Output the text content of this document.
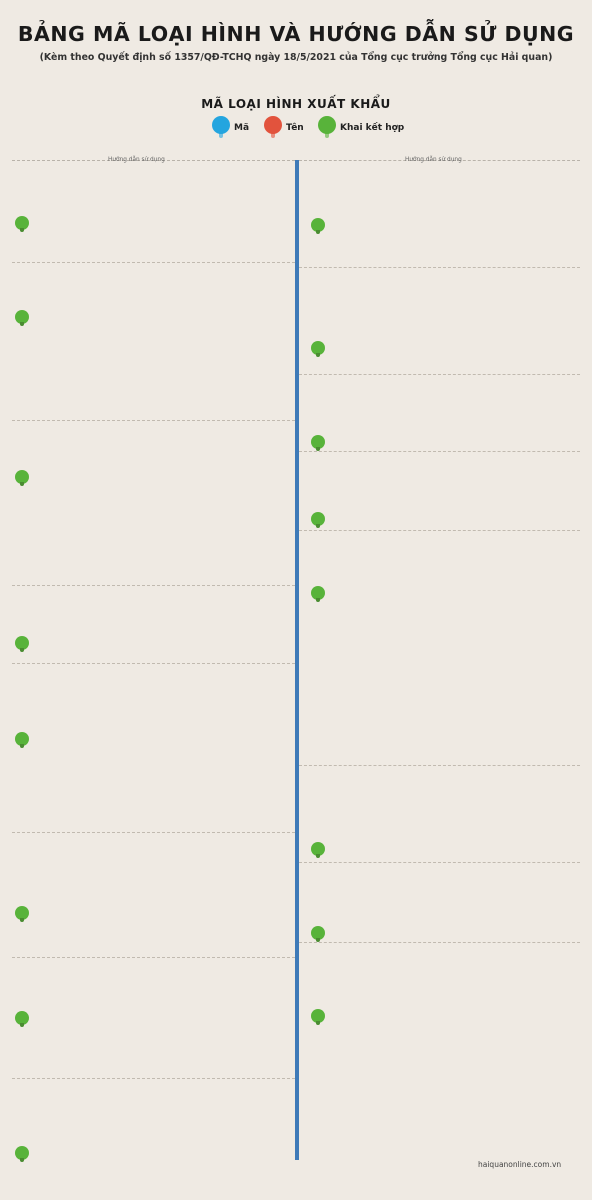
BẢNG MÃ LOẠI HÌNH VÀ HƯỚNG DẪN SỬ DỤNG
(Kèm theo Quyết định số 1357/QĐ-TCHQ ngày 18/5/2021 của Tổng cục trưởng Tổng cục Hải quan)
MÃ LOẠI HÌNH XUẤT KHẨU
Mã	Tên	Khai kết hợp
Hướng dẫn sử dụng	Hướng dẫn sử dụng

haiquanonline.com.vn
